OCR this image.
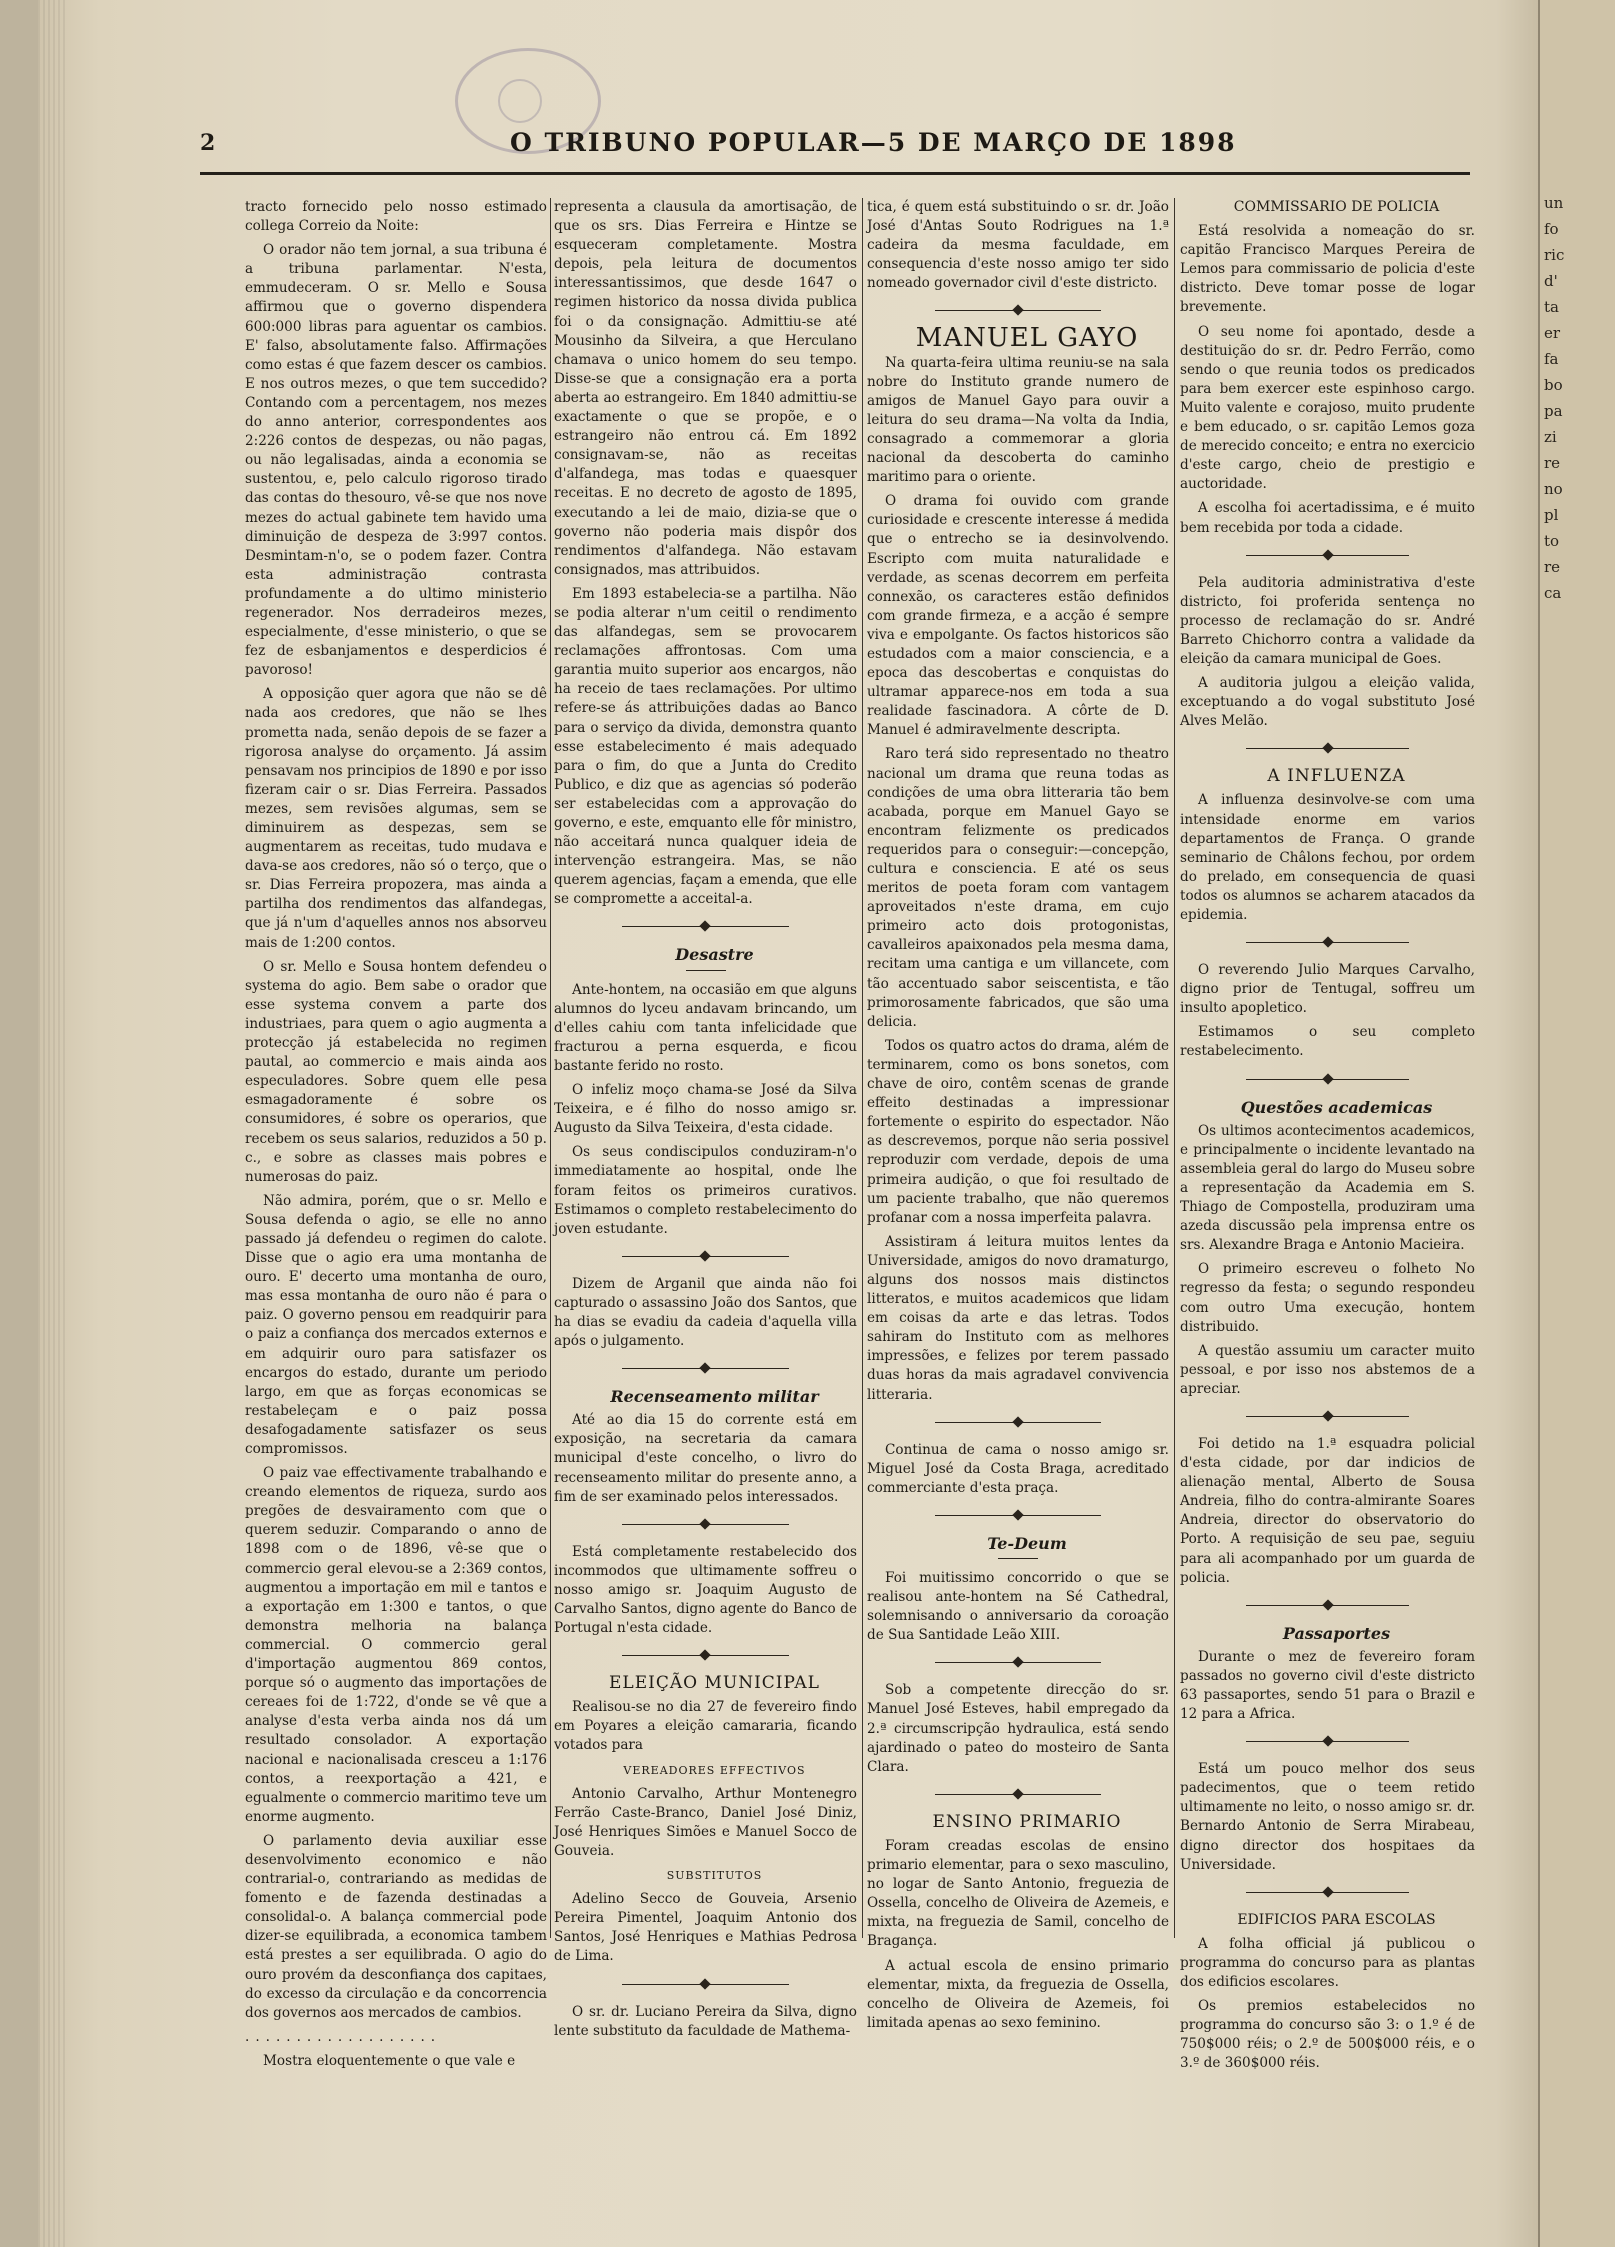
un
fo
ric
d'
ta
er
fa
bo
pa
zi
re
no
pl
to
re
ca
2	O TRIBUNO POPULAR—5 DE MARÇO DE 1898

tracto fornecido pelo nosso estimado collega Correio da Noite:

O orador não tem jornal, a sua tribuna é a tribuna parlamentar. N'esta, emmudeceram. O sr. Mello e Sousa affirmou que o governo dispendera 600:000 libras para aguentar os cambios. E' falso, absolutamente falso. Affirmações como estas é que fazem descer os cambios. E nos outros mezes, o que tem succedido? Contando com a percentagem, nos mezes do anno anterior, correspondentes aos 2:226 contos de despezas, ou não pagas, ou não legalisadas, ainda a economia se sustentou, e, pelo calculo rigoroso tirado das contas do thesouro, vê-se que nos nove mezes do actual gabinete tem havido uma diminuição de despeza de 3:997 contos. Desmintam-n'o, se o podem fazer. Contra esta administração contrasta profundamente a do ultimo ministerio regenerador. Nos derradeiros mezes, especialmente, d'esse ministerio, o que se fez de esbanjamentos e desperdicios é pavoroso!

A opposição quer agora que não se dê nada aos credores, que não se lhes prometta nada, senão depois de se fazer a rigorosa analyse do orçamento. Já assim pensavam nos principios de 1890 e por isso fizeram cair o sr. Dias Ferreira. Passados mezes, sem revisões algumas, sem se diminuirem as despezas, sem se augmentarem as receitas, tudo mudava e dava-se aos credores, não só o terço, que o sr. Dias Ferreira propozera, mas ainda a partilha dos rendimentos das alfandegas, que já n'um d'aquelles annos nos absorveu mais de 1:200 contos.

O sr. Mello e Sousa hontem defendeu o systema do agio. Bem sabe o orador que esse systema convem a parte dos industriaes, para quem o agio augmenta a protecção já estabelecida no regimen pautal, ao commercio e mais ainda aos especuladores. Sobre quem elle pesa esmagadoramente é sobre os consumidores, é sobre os operarios, que recebem os seus salarios, reduzidos a 50 p. c., e sobre as classes mais pobres e numerosas do paiz.

Não admira, porém, que o sr. Mello e Sousa defenda o agio, se elle no anno passado já defendeu o regimen do calote. Disse que o agio era uma montanha de ouro. E' decerto uma montanha de ouro, mas essa montanha de ouro não é para o paiz. O governo pensou em readquirir para o paiz a confiança dos mercados externos e em adquirir ouro para satisfazer os encargos do estado, durante um periodo largo, em que as forças economicas se restabeleçam e o paiz possa desafogadamente satisfazer os seus compromissos.

O paiz vae effectivamente trabalhando e creando elementos de riqueza, surdo aos pregões de desvairamento com que o querem seduzir. Comparando o anno de 1898 com o de 1896, vê-se que o commercio geral elevou-se a 2:369 contos, augmentou a importação em mil e tantos e a exportação em 1:300 e tantos, o que demonstra melhoria na balança commercial. O commercio geral d'importação augmentou 869 contos, porque só o augmento das importações de cereaes foi de 1:722, d'onde se vê que a analyse d'esta verba ainda nos dá um resultado consolador. A exportação nacional e nacionalisada cresceu a 1:176 contos, a reexportação a 421, e egualmente o commercio maritimo teve um enorme augmento.

O parlamento devia auxiliar esse desenvolvimento economico e não contrarial-o, contrariando as medidas de fomento e de fazenda destinadas a consolidal-o. A balança commercial pode dizer-se equilibrada, a economica tambem está prestes a ser equilibrada. O agio do ouro provém da desconfiança dos capitaes, do excesso da circulação e da concorrencia dos governos aos mercados de cambios.

...................

Mostra eloquentemente o que vale e

representa a clausula da amortisação, de que os srs. Dias Ferreira e Hintze se esqueceram completamente. Mostra depois, pela leitura de documentos interessantissimos, que desde 1647 o regimen historico da nossa divida publica foi o da consignação. Admittiu-se até Mousinho da Silveira, a que Herculano chamava o unico homem do seu tempo. Disse-se que a consignação era a porta aberta ao estrangeiro. Em 1840 admittiu-se exactamente o que se propõe, e o estrangeiro não entrou cá. Em 1892 consignavam-se, não as receitas d'alfandega, mas todas e quaesquer receitas. E no decreto de agosto de 1895, executando a lei de maio, dizia-se que o governo não poderia mais dispôr dos rendimentos d'alfandega. Não estavam consignados, mas attribuidos.

Em 1893 estabelecia-se a partilha. Não se podia alterar n'um ceitil o rendimento das alfandegas, sem se provocarem reclamações affrontosas. Com uma garantia muito superior aos encargos, não ha receio de taes reclamações. Por ultimo refere-se ás attribuições dadas ao Banco para o serviço da divida, demonstra quanto esse estabelecimento é mais adequado para o fim, do que a Junta do Credito Publico, e diz que as agencias só poderão ser estabelecidas com a approvação do governo, e este, emquanto elle fôr ministro, não acceitará nunca qualquer ideia de intervenção estrangeira. Mas, se não querem agencias, façam a emenda, que elle se compromette a acceital-a.

Desastre

Ante-hontem, na occasião em que alguns alumnos do lyceu andavam brincando, um d'elles cahiu com tanta infelicidade que fracturou a perna esquerda, e ficou bastante ferido no rosto.

O infeliz moço chama-se José da Silva Teixeira, e é filho do nosso amigo sr. Augusto da Silva Teixeira, d'esta cidade.

Os seus condiscipulos conduziram-n'o immediatamente ao hospital, onde lhe foram feitos os primeiros curativos. Estimamos o completo restabelecimento do joven estudante.

Dizem de Arganil que ainda não foi capturado o assassino João dos Santos, que ha dias se evadiu da cadeia d'aquella villa após o julgamento.

Recenseamento militar

Até ao dia 15 do corrente está em exposição, na secretaria da camara municipal d'este concelho, o livro do recenseamento militar do presente anno, a fim de ser examinado pelos interessados.

Está completamente restabelecido dos incommodos que ultimamente soffreu o nosso amigo sr. Joaquim Augusto de Carvalho Santos, digno agente do Banco de Portugal n'esta cidade.

ELEIÇÃO MUNICIPAL

Realisou-se no dia 27 de fevereiro findo em Poyares a eleição camararia, ficando votados para

VEREADORES EFFECTIVOS

Antonio Carvalho, Arthur Montenegro Ferrão Caste-Branco, Daniel José Diniz, José Henriques Simões e Manuel Socco de Gouveia.

SUBSTITUTOS

Adelino Secco de Gouveia, Arsenio Pereira Pimentel, Joaquim Antonio dos Santos, José Henriques e Mathias Pedrosa de Lima.

O sr. dr. Luciano Pereira da Silva, digno lente substituto da faculdade de Mathema-

tica, é quem está substituindo o sr. dr. João José d'Antas Souto Rodrigues na 1.ª cadeira da mesma faculdade, em consequencia d'este nosso amigo ter sido nomeado governador civil d'este districto.

MANUEL GAYO

Na quarta-feira ultima reuniu-se na sala nobre do Instituto grande numero de amigos de Manuel Gayo para ouvir a leitura do seu drama—Na volta da India, consagrado a commemorar a gloria nacional da descoberta do caminho maritimo para o oriente.

O drama foi ouvido com grande curiosidade e crescente interesse á medida que o entrecho se ia desinvolvendo. Escripto com muita naturalidade e verdade, as scenas decorrem em perfeita connexão, os caracteres estão definidos com grande firmeza, e a acção é sempre viva e empolgante. Os factos historicos são estudados com a maior consciencia, e a epoca das descobertas e conquistas do ultramar apparece-nos em toda a sua realidade fascinadora. A côrte de D. Manuel é admiravelmente descripta.

Raro terá sido representado no theatro nacional um drama que reuna todas as condições de uma obra litteraria tão bem acabada, porque em Manuel Gayo se encontram felizmente os predicados requeridos para o conseguir:—concepção, cultura e consciencia. E até os seus meritos de poeta foram com vantagem aproveitados n'este drama, em cujo primeiro acto dois protogonistas, cavalleiros apaixonados pela mesma dama, recitam uma cantiga e um villancete, com tão accentuado sabor seiscentista, e tão primorosamente fabricados, que são uma delicia.

Todos os quatro actos do drama, além de terminarem, como os bons sonetos, com chave de oiro, contêm scenas de grande effeito destinadas a impressionar fortemente o espirito do espectador. Não as descrevemos, porque não seria possivel reproduzir com verdade, depois de uma primeira audição, o que foi resultado de um paciente trabalho, que não queremos profanar com a nossa imperfeita palavra.

Assistiram á leitura muitos lentes da Universidade, amigos do novo dramaturgo, alguns dos nossos mais distinctos litteratos, e muitos academicos que lidam em coisas da arte e das letras. Todos sahiram do Instituto com as melhores impressões, e felizes por terem passado duas horas da mais agradavel convivencia litteraria.

Continua de cama o nosso amigo sr. Miguel José da Costa Braga, acreditado commerciante d'esta praça.

Te-Deum

Foi muitissimo concorrido o que se realisou ante-hontem na Sé Cathedral, solemnisando o anniversario da coroação de Sua Santidade Leão XIII.

Sob a competente direcção do sr. Manuel José Esteves, habil empregado da 2.ª circumscripção hydraulica, está sendo ajardinado o pateo do mosteiro de Santa Clara.

ENSINO PRIMARIO

Foram creadas escolas de ensino primario elementar, para o sexo masculino, no logar de Santo Antonio, freguezia de Ossella, concelho de Oliveira de Azemeis, e mixta, na freguezia de Samil, concelho de Bragança.

A actual escola de ensino primario elementar, mixta, da freguezia de Ossella, concelho de Oliveira de Azemeis, foi limitada apenas ao sexo feminino.

COMMISSARIO DE POLICIA

Está resolvida a nomeação do sr. capitão Francisco Marques Pereira de Lemos para commissario de policia d'este districto. Deve tomar posse de logar brevemente.

O seu nome foi apontado, desde a destituição do sr. dr. Pedro Ferrão, como sendo o que reunia todos os predicados para bem exercer este espinhoso cargo. Muito valente e corajoso, muito prudente e bem educado, o sr. capitão Lemos goza de merecido conceito; e entra no exercicio d'este cargo, cheio de prestigio e auctoridade.

A escolha foi acertadissima, e é muito bem recebida por toda a cidade.

Pela auditoria administrativa d'este districto, foi proferida sentença no processo de reclamação do sr. André Barreto Chichorro contra a validade da eleição da camara municipal de Goes.

A auditoria julgou a eleição valida, exceptuando a do vogal substituto José Alves Melão.

A INFLUENZA

A influenza desinvolve-se com uma intensidade enorme em varios departamentos de França. O grande seminario de Châlons fechou, por ordem do prelado, em consequencia de quasi todos os alumnos se acharem atacados da epidemia.

O reverendo Julio Marques Carvalho, digno prior de Tentugal, soffreu um insulto apopletico.

Estimamos o seu completo restabelecimento.

Questões academicas

Os ultimos acontecimentos academicos, e principalmente o incidente levantado na assembleia geral do largo do Museu sobre a representação da Academia em S. Thiago de Compostella, produziram uma azeda discussão pela imprensa entre os srs. Alexandre Braga e Antonio Macieira.

O primeiro escreveu o folheto No regresso da festa; o segundo respondeu com outro Uma execução, hontem distribuido.

A questão assumiu um caracter muito pessoal, e por isso nos abstemos de a apreciar.

Foi detido na 1.ª esquadra policial d'esta cidade, por dar indicios de alienação mental, Alberto de Sousa Andreia, filho do contra-almirante Soares Andreia, director do observatorio do Porto. A requisição de seu pae, seguiu para ali acompanhado por um guarda de policia.

Passaportes

Durante o mez de fevereiro foram passados no governo civil d'este districto 63 passaportes, sendo 51 para o Brazil e 12 para a Africa.

Está um pouco melhor dos seus padecimentos, que o teem retido ultimamente no leito, o nosso amigo sr. dr. Bernardo Antonio de Serra Mirabeau, digno director dos hospitaes da Universidade.

EDIFICIOS PARA ESCOLAS

A folha official já publicou o programma do concurso para as plantas dos edificios escolares.

Os premios estabelecidos no programma do concurso são 3: o 1.º é de 750$000 réis; o 2.º de 500$000 réis, e o 3.º de 360$000 réis.
